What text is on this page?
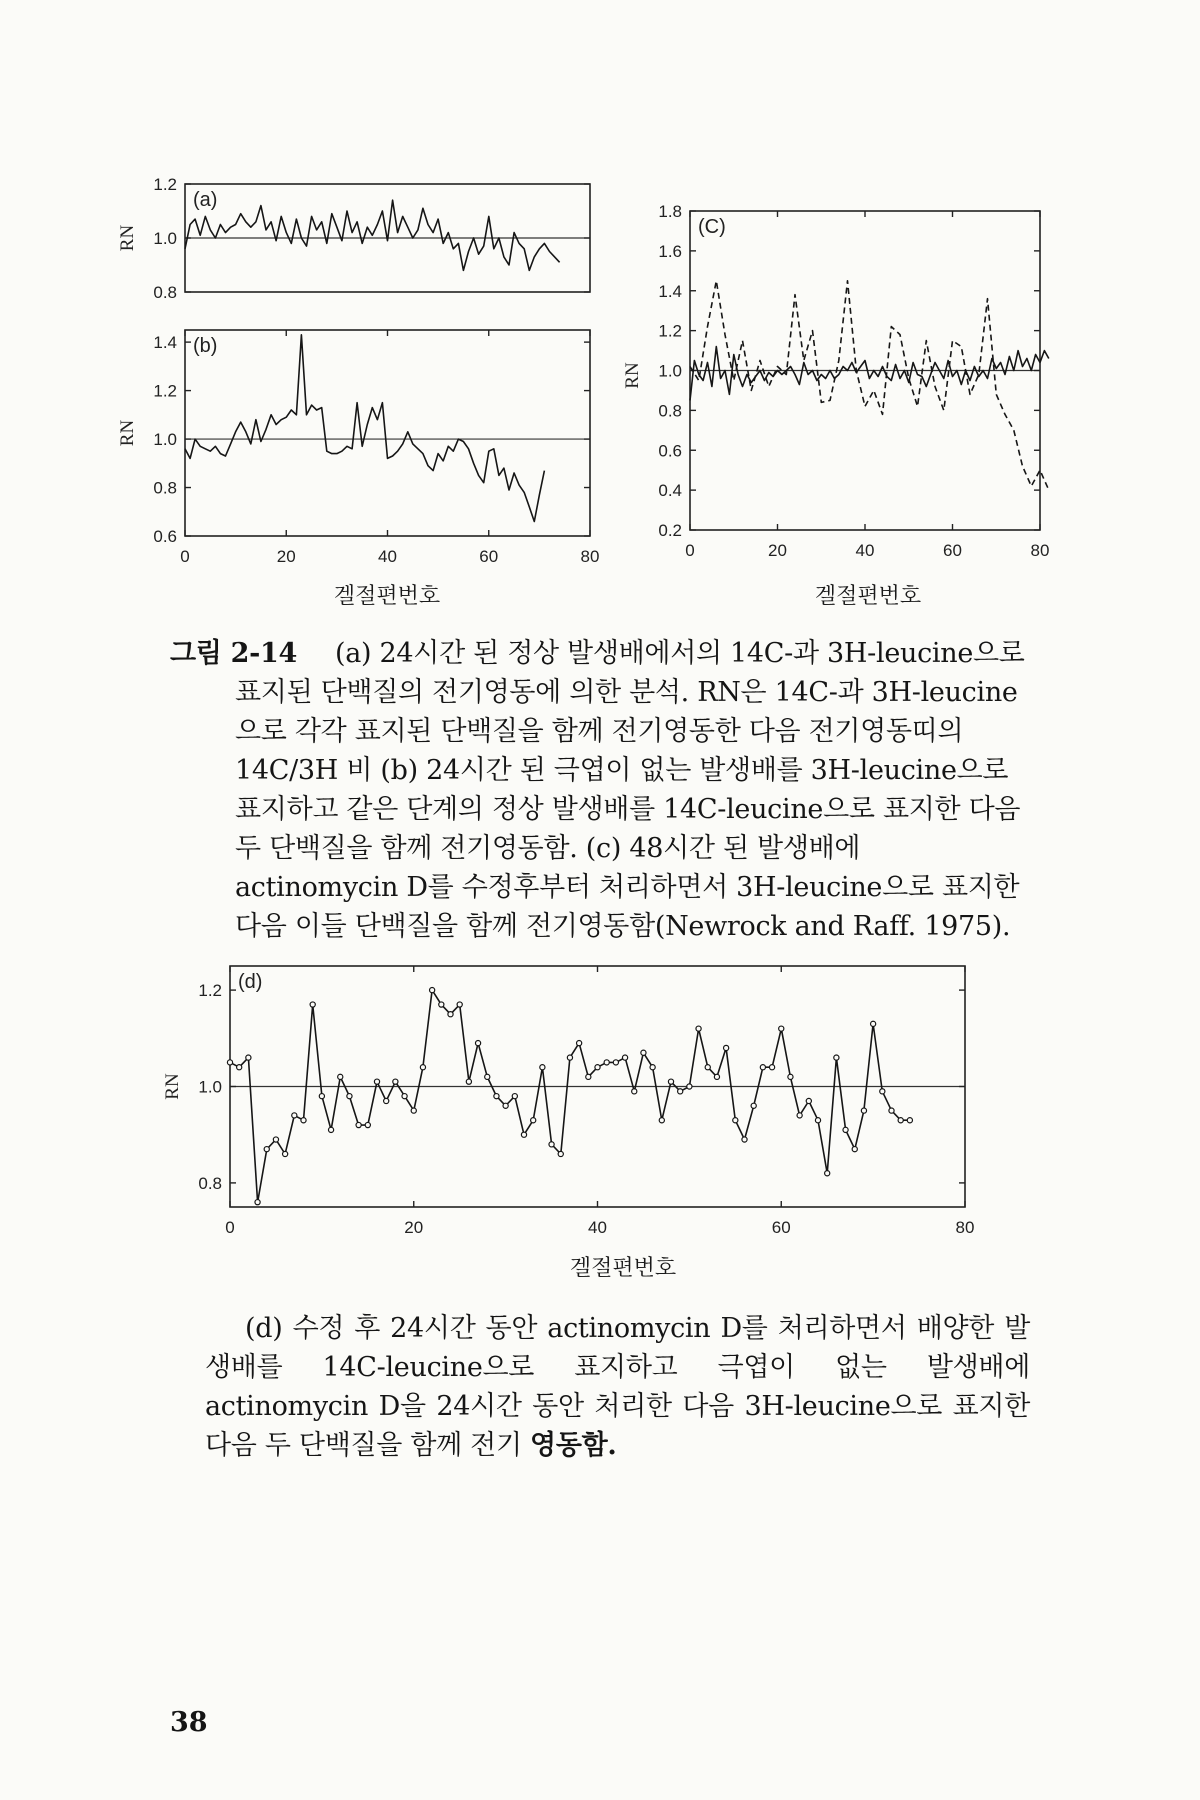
1.2
1.0
0.8
(a)
RN
1.4
1.2
1.0
0.8
0.6
0	20	40	60	80
(b)
RN
1.8
1.6
1.4
1.2
1.0
0.8
0.6
0.4
0.2
0	20	40	60	80
(C)
RN
1.2
1.0
0.8
0	20	40	60	80
(d)
RN
겔절편번호	겔절편번호
겔절편번호
그림 2-14	(a) 24시간 된 정상 발생배에서의 14C-과 3H-leucine으로 표지된 단백질의 전기영동에 의한 분석. RN은 14C-과 3H-leucine으로 각각 표지된 단백질을 함께 전기영동한 다음 전기영동띠의 14C/3H 비 (b) 24시간 된 극엽이 없는 발생배를 3H-leucine으로 표지하고 같은 단계의 정상 발생배를 14C-leucine으로 표지한 다음 두 단백질을 함께 전기영동함. (c) 48시간 된 발생배에 actinomycin D를 수정후부터 처리하면서 3H-leucine으로 표지한다음 이들 단백질을 함께 전기영동함(Newrock and Raff. 1975).
(d) 수정 후 24시간 동안 actinomycin D를 처리하면서 배양한 발생배를 14C-leucine으로 표지하고 극엽이 없는 발생배에 actinomycin D을 24시간 동안 처리한 다음 3H-leucine으로 표지한 다음 두 단백질을 함께 전기 영동함.
38
